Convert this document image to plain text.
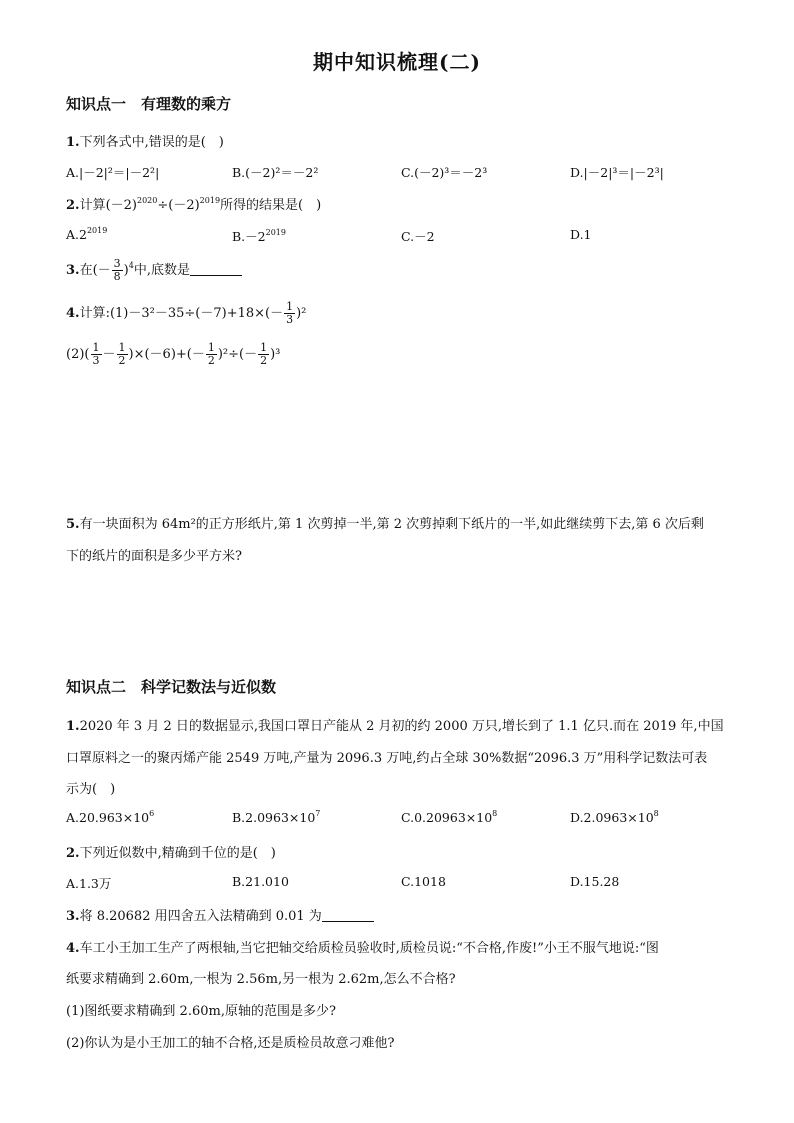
期中知识梳理(二)
知识点一　有理数的乘方
1.下列各式中,错误的是(　)
A.|－2|²＝|－2²|	B.(－2)²＝－2²	C.(－2)³＝－2³	D.|－2|³＝|－2³|
2.计算$(-2)^{2020}\div(-2)^{2019}$所得的结果是(　)
$A.2^{2019}$	$B.-2^{2019}$	C.－2	D.1
3.在(－ $\frac{3}{8} )^4$中,底数是
4.计算:(1)－3²－35÷(－7)+18×(－ $\frac{1}{3} )^2$
$(2)( \frac{1}{3} - \frac{1}{2} )\times(-6)+(- \frac{1}{2} )^2\div(- \frac{1}{2} )^3$
5.有一块面积为 64m²的正方形纸片,第 1 次剪掉一半,第 2 次剪掉剩下纸片的一半,如此继续剪下去,第 6 次后剩
下的纸片的面积是多少平方米?
知识点二　科学记数法与近似数
1.2020 年 3 月 2 日的数据显示,我国口罩日产能从 2 月初的约 2000 万只,增长到了 1.1 亿只.而在 2019 年,中国
口罩原料之一的聚丙烯产能 2549 万吨,产量为 2096.3 万吨,约占全球 30%数据“2096.3 万”用科学记数法可表
示为(　)
$A.20.963\times 10^6$	$B.2.0963\times 10^7$	$C.0.20963\times 10^8$	$D.2.0963\times 10^8$
2.下列近似数中,精确到千位的是(　)
A.1.3万	B.21.010	C.1018	D.15.28
3.将 8.20682 用四舍五入法精确到 0.01 为
4.车工小王加工生产了两根轴,当它把轴交给质检员验收时,质检员说:“不合格,作废!”小王不服气地说:“图
纸要求精确到 2.60m,一根为 2.56m,另一根为 2.62m,怎么不合格?
(1)图纸要求精确到 2.60m,原轴的范围是多少?
(2)你认为是小王加工的轴不合格,还是质检员故意刁难他?
